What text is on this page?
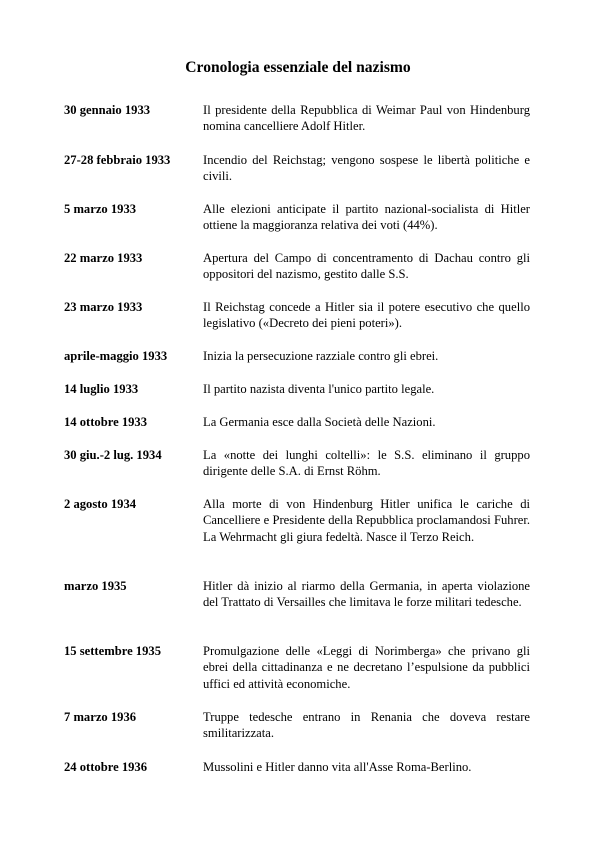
Cronologia essenziale del nazismo
30 gennaio 1933	Il presidente della Repubblica di Weimar Paul von Hindenburg nomina cancelliere Adolf Hitler.
27-28 febbraio 1933	Incendio del Reichstag; vengono sospese le libertà politiche e civili.
5 marzo 1933	Alle elezioni anticipate il partito nazional-socialista di Hitler ottiene la maggioranza relativa dei voti (44%).
22 marzo 1933	Apertura del Campo di concentramento di Dachau contro gli oppositori del nazismo, gestito dalle S.S.
23 marzo 1933	Il Reichstag concede a Hitler sia il potere esecutivo che quello legislativo («Decreto dei pieni poteri»).
aprile-maggio 1933	Inizia la persecuzione razziale contro gli ebrei.
14 luglio 1933	Il partito nazista diventa l'unico partito legale.
14 ottobre 1933	La Germania esce dalla Società delle Nazioni.
30 giu.-2 lug. 1934	La «notte dei lunghi coltelli»: le S.S. eliminano il gruppo dirigente delle S.A. di Ernst Röhm.
2 agosto 1934	Alla morte di von Hindenburg Hitler unifica le cariche di Cancelliere e Presidente della Repubblica proclamandosi Fuhrer. La Wehrmacht gli giura fedeltà. Nasce il Terzo Reich.
marzo 1935	Hitler dà inizio al riarmo della Germania, in aperta violazione del Trattato di Versailles che limitava le forze militari tedesche.
15 settembre 1935	Promulgazione delle «Leggi di Norimberga» che privano gli ebrei della cittadinanza e ne decretano l’espulsione da pubblici uffici ed attività economiche.
7 marzo 1936	Truppe tedesche entrano in Renania che doveva restare smilitarizzata.
24 ottobre 1936	Mussolini e Hitler danno vita all'Asse Roma-Berlino.
